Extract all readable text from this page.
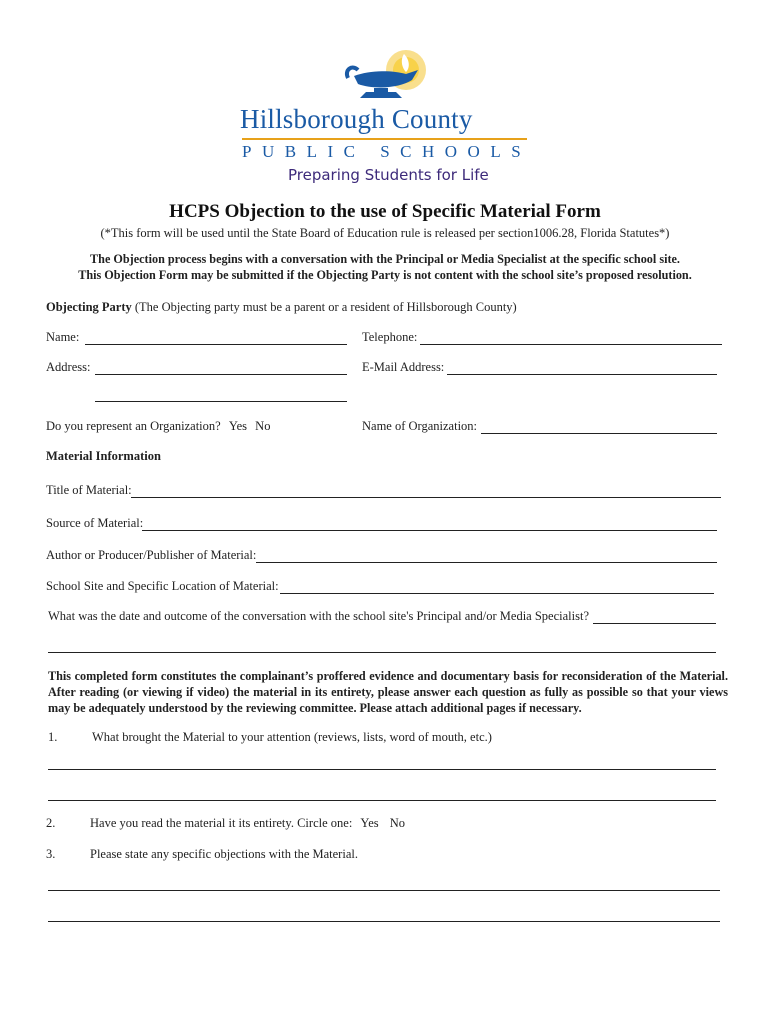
Hillsborough County
PUBLIC SCHOOLS
Preparing Students for Life
HCPS Objection to the use of Specific Material Form
(*This form will be used until the State Board of Education rule is released per section1006.28, Florida Statutes*)
The Objection process begins with a conversation with the Principal or Media Specialist at the specific school site.
This Objection Form may be submitted if the Objecting Party is not content with the school site’s proposed resolution.
Objecting Party (The Objecting party must be a parent or a resident of Hillsborough County)
Name:	Telephone:
Address:	E-Mail Address:
Do you represent an Organization? Yes No	Name of Organization:
Material Information
Title of Material:
Source of Material:
Author or Producer/Publisher of Material:
School Site and Specific Location of Material:
What was the date and outcome of the conversation with the school site's Principal and/or Media Specialist?
This completed form constitutes the complainant’s proffered evidence and documentary basis for reconsideration of the Material. After reading (or viewing if video) the material in its entirety, please answer each question as fully as possible so that your views may be adequately understood by the reviewing committee. Please attach additional pages if necessary.
1.	What brought the Material to your attention (reviews, lists, word of mouth, etc.)
2.	Have you read the material it its entirety. Circle one: Yes No
3.	Please state any specific objections with the Material.
